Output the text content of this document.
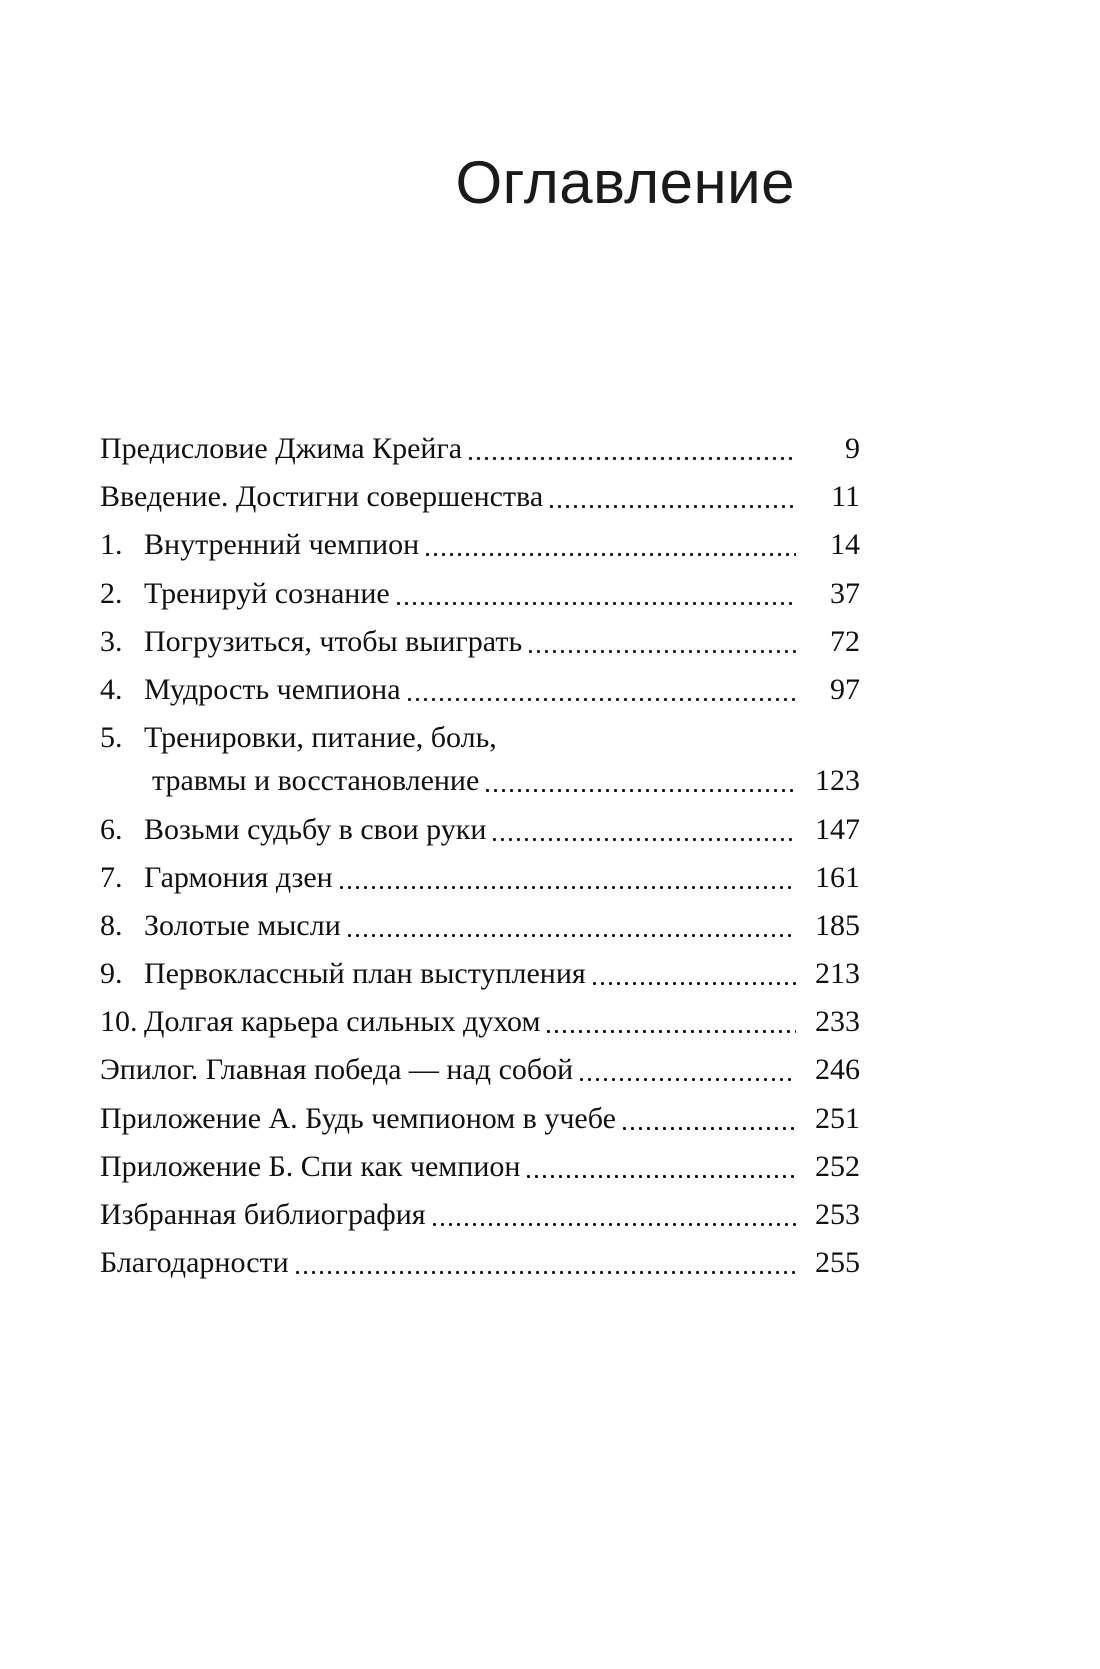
Оглавление
Предисловие Джима Крейга	9
Введение. Достигни совершенства	11
1. Внутренний чемпион	14
2. Тренируй сознание	37
3. Погрузиться, чтобы выиграть	72
4. Мудрость чемпиона	97
5. Тренировки, питание, боль,
травмы и восстановление	123
6. Возьми судьбу в свои руки	147
7. Гармония дзен	161
8. Золотые мысли	185
9. Первоклассный план выступления	213
10. Долгая карьера сильных духом	233
Эпилог. Главная победа — над собой	246
Приложение А. Будь чемпионом в учебе	251
Приложение Б. Спи как чемпион	252
Избранная библиография	253
Благодарности	255
